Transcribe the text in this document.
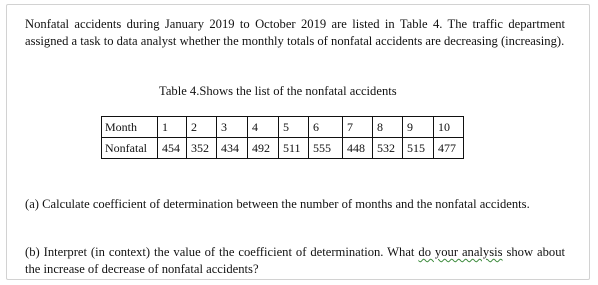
Nonfatal accidents during January 2019 to October 2019 are listed in Table 4. The traffic department assigned a task to data analyst whether the monthly totals of nonfatal accidents are decreasing (increasing).

Table 4.Shows the list of the nonfatal accidents

Month	1	2	3	4	5	6	7	8	9	10
Nonfatal	454	352	434	492	511	555	448	532	515	477

(a) Calculate coefficient of determination between the number of months and the nonfatal accidents.

(b) Interpret (in context) the value of the coefficient of determination. What do your analysis show about the increase of decrease of nonfatal accidents?
